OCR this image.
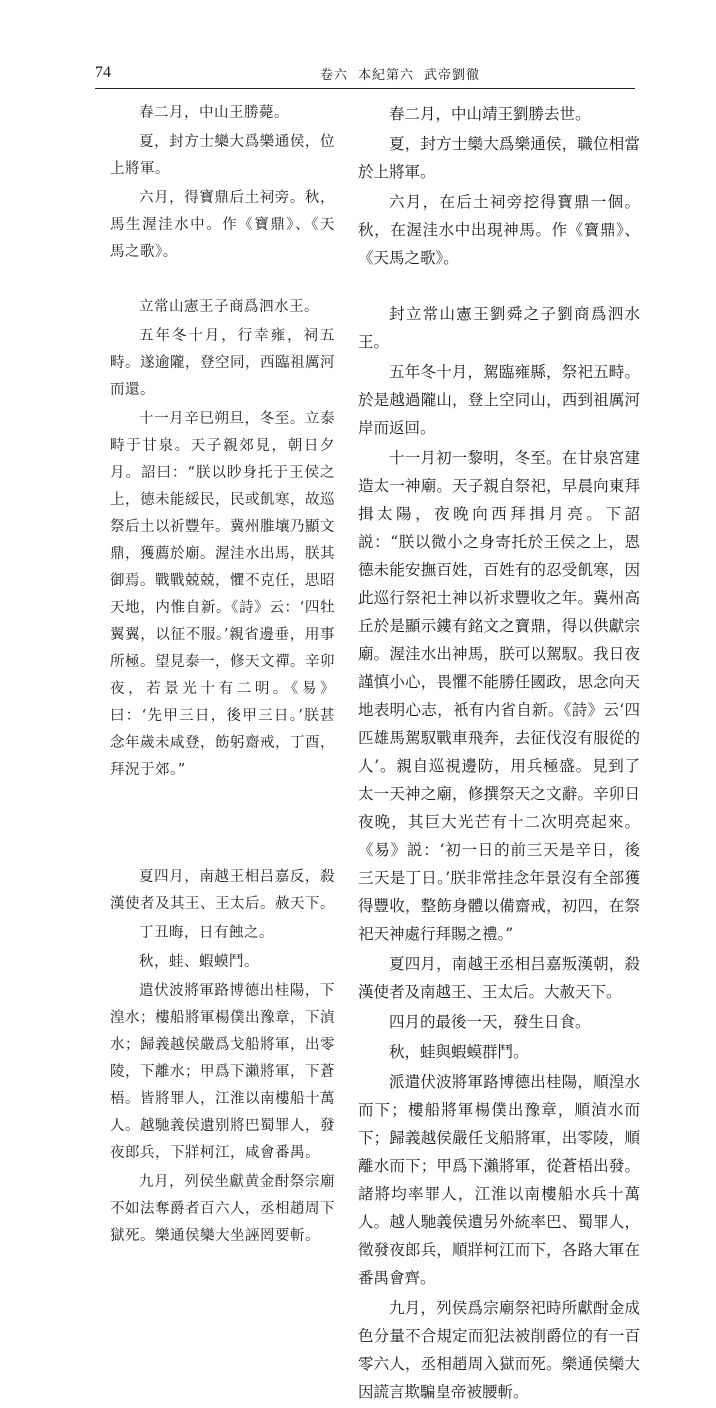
74	卷六 本紀第六 武帝劉徹

春二月，中山王勝薨。

夏，封方士欒大爲樂通侯，位上將軍。

六月，得寶鼎后土祠旁。秋，馬生渥洼水中。作《寶鼎》、《天馬之歌》。

立常山憲王子商爲泗水王。

五年冬十月，行幸雍，祠五畤。遂逾隴，登空同，西臨祖厲河而還。

十一月辛巳朔旦，冬至。立泰畤于甘泉。天子親郊見，朝日夕月。詔曰：“朕以眇身托于王侯之上，德未能綏民，民或飢寒，故巡祭后土以祈豐年。冀州脽壤乃顯文鼎，獲薦於廟。渥洼水出馬，朕其御焉。戰戰兢兢，懼不克任，思昭天地，内惟自新。《詩》云：‘四牡翼翼，以征不服。’親省邊垂，用事所極。望見泰一，修天文禪。辛卯夜，若景光十有二明。《易》曰：‘先甲三日，後甲三日。’朕甚念年歲未咸登，飭躬齋戒，丁酉，拜況于郊。”

夏四月，南越王相吕嘉反，殺漢使者及其王、王太后。赦天下。

丁丑晦，日有蝕之。

秋，蛙、蝦蟆鬥。

遣伏波將軍路博德出桂陽，下湟水；樓船將軍楊僕出豫章，下湞水；歸義越侯嚴爲戈船將軍，出零陵，下離水；甲爲下瀨將軍，下蒼梧。皆將罪人，江淮以南樓船十萬人。越馳義侯遺别將巴蜀罪人，發夜郎兵，下牂柯江，咸會番禺。

九月，列侯坐獻黄金酎祭宗廟不如法奪爵者百六人，丞相趙周下獄死。樂通侯欒大坐誣罔要斬。

春二月，中山靖王劉勝去世。

夏，封方士欒大爲樂通侯，職位相當於上將軍。

六月，在后土祠旁挖得寶鼎一個。秋，在渥洼水中出現神馬。作《寶鼎》、《天馬之歌》。

封立常山憲王劉舜之子劉商爲泗水王。

五年冬十月，駕臨雍縣，祭祀五畤。於是越過隴山，登上空同山，西到祖厲河岸而返回。

十一月初一黎明，冬至。在甘泉宮建造太一神廟。天子親自祭祀，早晨向東拜揖太陽，夜晚向西拜揖月亮。下詔説：“朕以微小之身寄托於王侯之上，恩德未能安撫百姓，百姓有的忍受飢寒，因此巡行祭祀土神以祈求豐收之年。冀州高丘於是顯示鏤有銘文之寶鼎，得以供獻宗廟。渥洼水出神馬，朕可以駕馭。我日夜謹慎小心，畏懼不能勝任國政，思念向天地表明心志，衹有内省自新。《詩》云‘四匹雄馬駕馭戰車飛奔，去征伐沒有服從的人’。親自巡視邊防，用兵極盛。見到了太一天神之廟，修撰祭天之文辭。辛卯日夜晚，其巨大光芒有十二次明亮起來。《易》説：‘初一日的前三天是辛日，後三天是丁日。’朕非常挂念年景沒有全部獲得豐收，整飭身體以備齋戒，初四，在祭祀天神處行拜賜之禮。”

夏四月，南越王丞相吕嘉叛漢朝，殺漢使者及南越王、王太后。大赦天下。

四月的最後一天，發生日食。

秋，蛙與蝦蟆群鬥。

派遣伏波將軍路博德出桂陽，順湟水而下；樓船將軍楊僕出豫章，順湞水而下；歸義越侯嚴任戈船將軍，出零陵，順離水而下；甲爲下瀨將軍，從蒼梧出發。諸將均率罪人，江淮以南樓船水兵十萬人。越人馳義侯遺另外統率巴、蜀罪人，徵發夜郎兵，順牂柯江而下，各路大軍在番禺會齊。

九月，列侯爲宗廟祭祀時所獻酎金成色分量不合規定而犯法被削爵位的有一百零六人，丞相趙周入獄而死。樂通侯欒大因謊言欺騙皇帝被腰斬。
